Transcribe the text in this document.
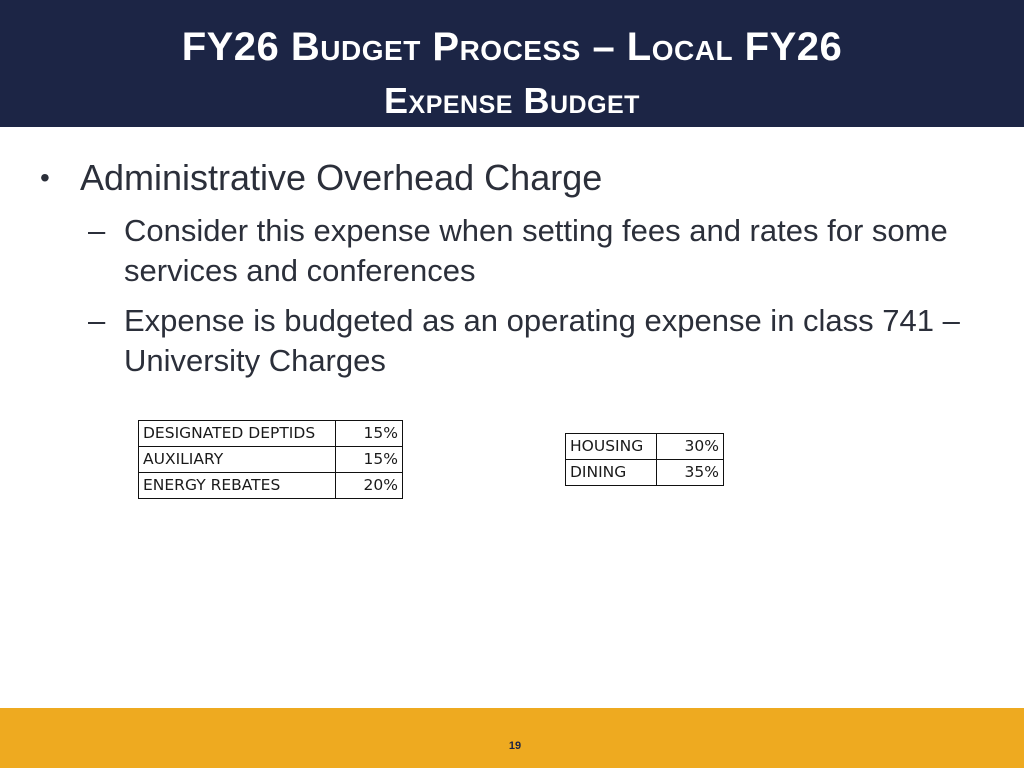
FY26 Budget Process – Local FY26
Expense Budget
• Administrative Overhead Charge
– Consider this expense when setting fees and rates for some services and conferences
– Expense is budgeted as an operating expense in class 741 – University Charges
DESIGNATED DEPTIDS	15%
AUXILIARY	15%
ENERGY REBATES	20%
HOUSING	30%
DINING	35%
19
